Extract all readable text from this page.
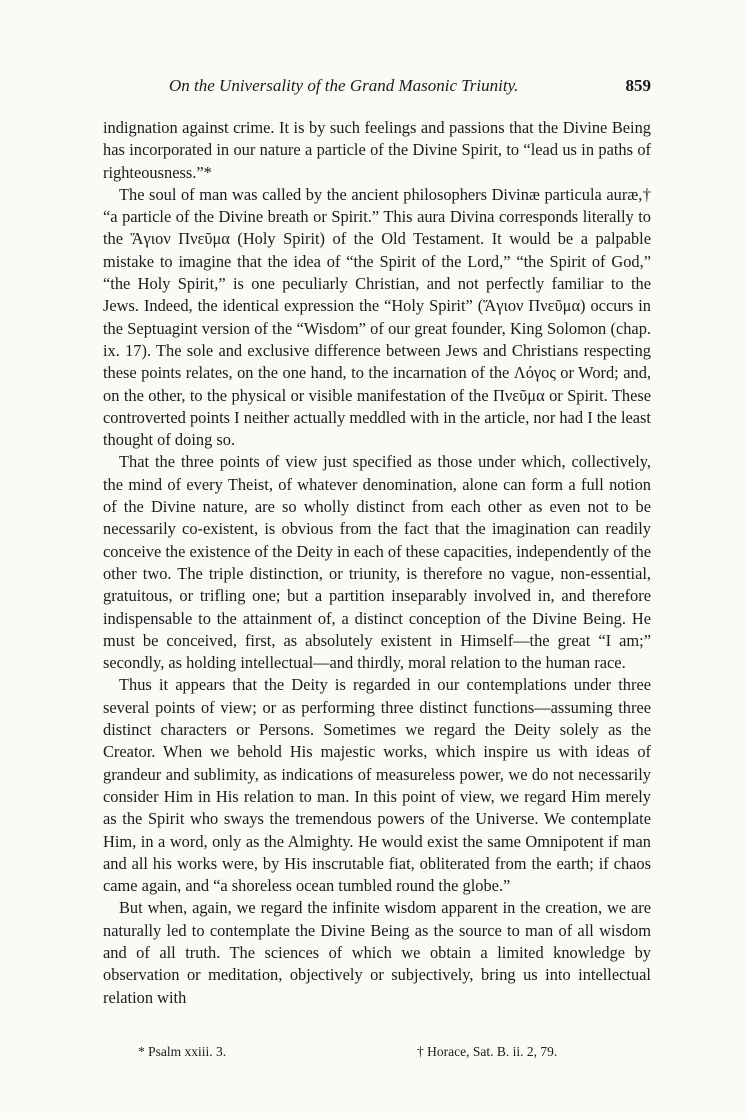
On the Universality of the Grand Masonic Triunity.	859

indignation against crime. It is by such feelings and passions that the Divine Being has incorporated in our nature a particle of the Divine Spirit, to “lead us in paths of righteousness.”*

The soul of man was called by the ancient philosophers Divinæ particula auræ,† “a particle of the Divine breath or Spirit.” This aura Divina corresponds literally to the Ἅγιον Πνεῦμα (Holy Spirit) of the Old Testament. It would be a palpable mistake to imagine that the idea of “the Spirit of the Lord,” “the Spirit of God,” “the Holy Spirit,” is one peculiarly Christian, and not perfectly familiar to the Jews. Indeed, the identical expression the “Holy Spirit” (Ἅγιον Πνεῦμα) occurs in the Septuagint version of the “Wisdom” of our great founder, King Solomon (chap. ix. 17). The sole and exclusive difference between Jews and Christians respecting these points relates, on the one hand, to the incarnation of the Λόγος or Word; and, on the other, to the physical or visible manifestation of the Πνεῦμα or Spirit. These controverted points I neither actually meddled with in the article, nor had I the least thought of doing so.

That the three points of view just specified as those under which, collectively, the mind of every Theist, of whatever denomination, alone can form a full notion of the Divine nature, are so wholly distinct from each other as even not to be necessarily co-existent, is obvious from the fact that the imagination can readily conceive the existence of the Deity in each of these capacities, independently of the other two. The triple distinction, or triunity, is therefore no vague, non-essential, gratuitous, or trifling one; but a partition inseparably involved in, and therefore indispensable to the attainment of, a distinct conception of the Divine Being. He must be conceived, first, as absolutely existent in Himself—the great “I am;” secondly, as holding intellectual—and thirdly, moral relation to the human race.

Thus it appears that the Deity is regarded in our contemplations under three several points of view; or as performing three distinct functions—assuming three distinct characters or Persons. Sometimes we regard the Deity solely as the Creator. When we behold His majestic works, which inspire us with ideas of grandeur and sublimity, as indications of measureless power, we do not necessarily consider Him in His relation to man. In this point of view, we regard Him merely as the Spirit who sways the tremendous powers of the Universe. We contemplate Him, in a word, only as the Almighty. He would exist the same Omnipotent if man and all his works were, by His inscrutable fiat, obliterated from the earth; if chaos came again, and “a shoreless ocean tumbled round the globe.”

But when, again, we regard the infinite wisdom apparent in the creation, we are naturally led to contemplate the Divine Being as the source to man of all wisdom and of all truth. The sciences of which we obtain a limited knowledge by observation or meditation, objectively or subjectively, bring us into intellectual relation with

* Psalm xxiii. 3.	† Horace, Sat. B. ii. 2, 79.
